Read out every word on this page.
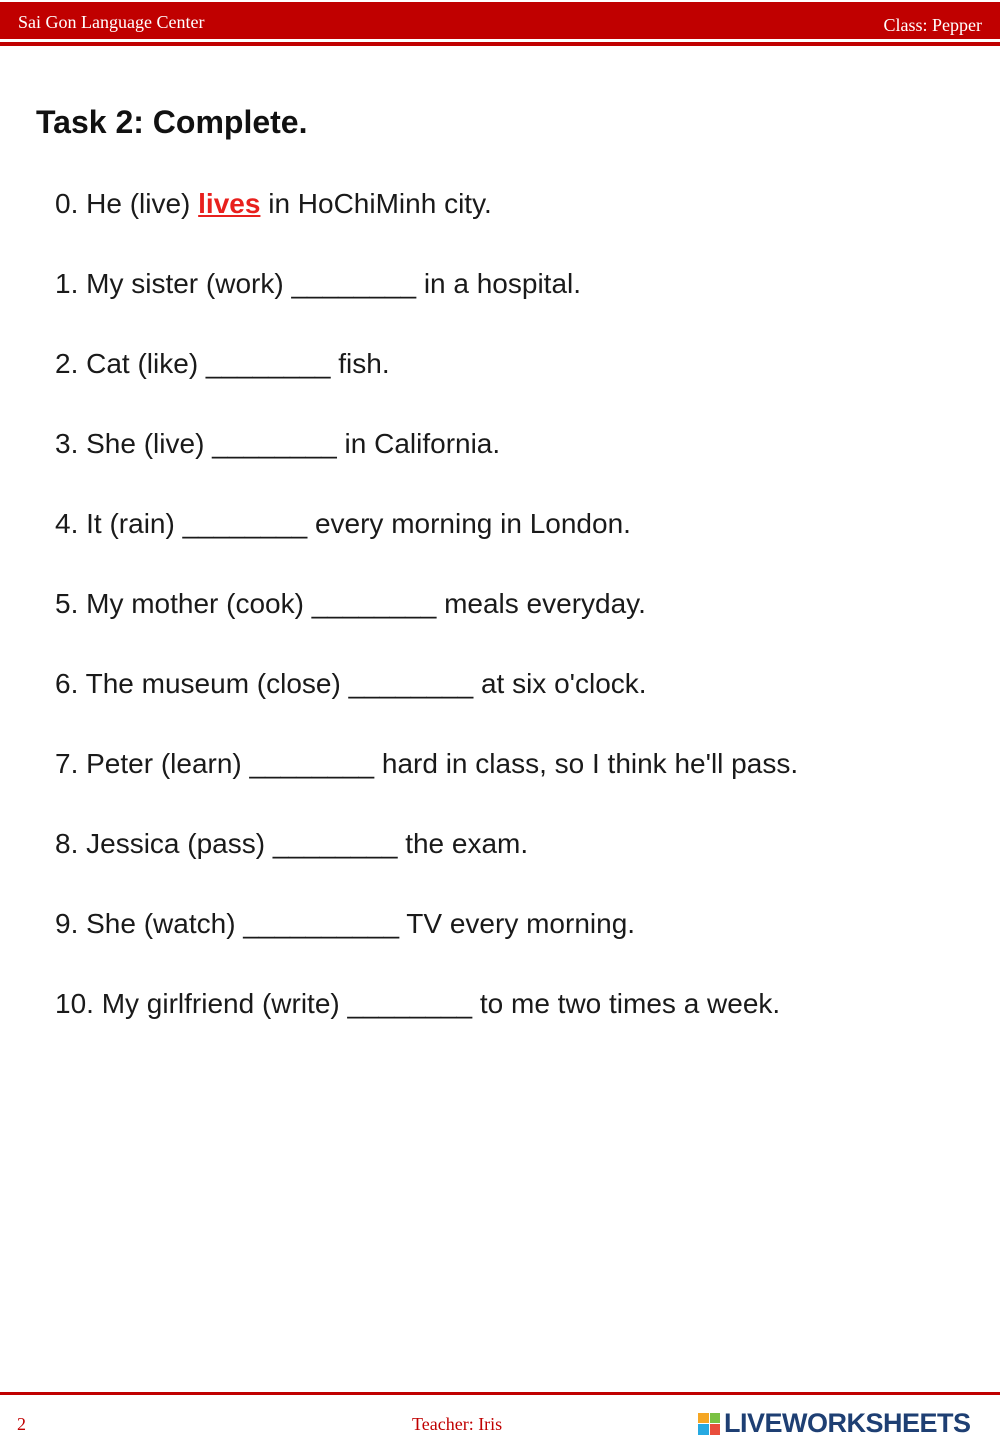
Sai Gon Language Center	Class: Pepper
Task 2: Complete.
0. He (live) lives in HoChiMinh city.
1. My sister (work) ________ in a hospital.
2. Cat (like) ________ fish.
3. She (live) ________ in California.
4. It (rain) ________ every morning in London.
5. My mother (cook) ________ meals everyday.
6. The museum (close) ________ at six o'clock.
7. Peter (learn) ________ hard in class, so I think he'll pass.
8. Jessica (pass) ________ the exam.
9. She (watch) __________ TV every morning.
10. My girlfriend (write) ________ to me two times a week.
2	Teacher: Iris	LIVEWORKSHEETS
